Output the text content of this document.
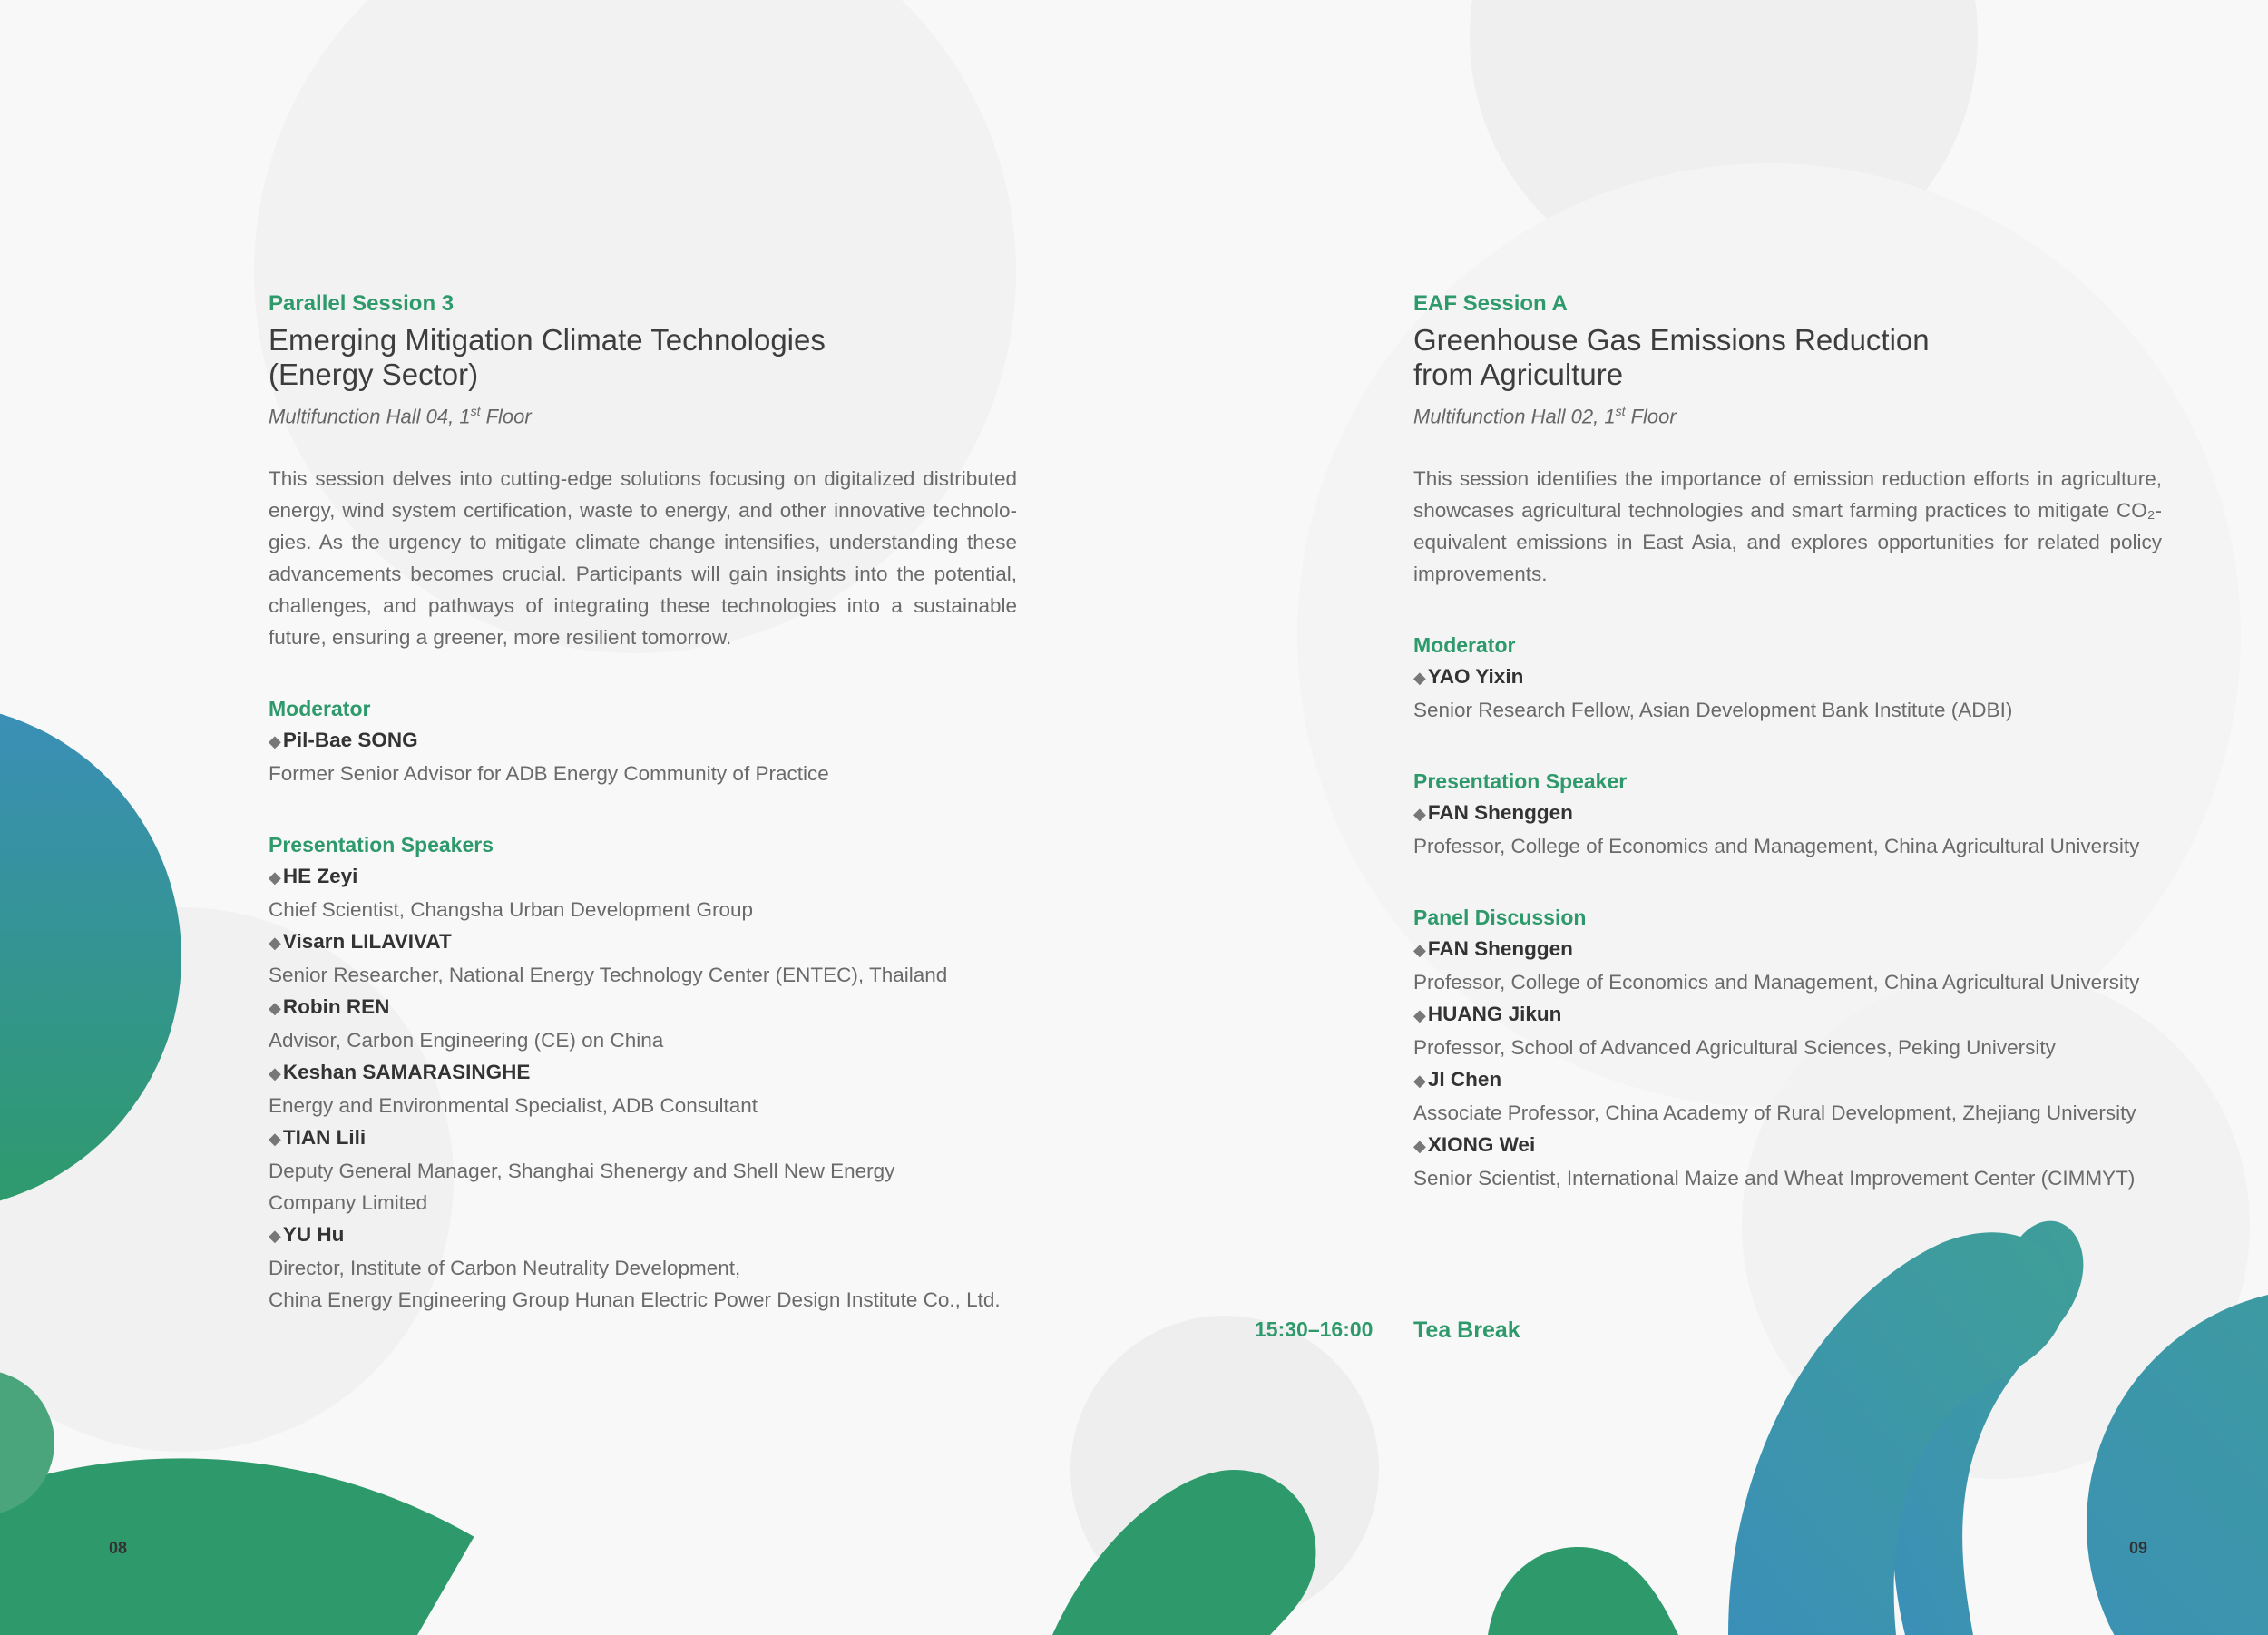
Parallel Session 3
Emerging Mitigation Climate Technologies
(Energy Sector)
Multifunction Hall 04, 1st Floor
This session delves into cutting-edge solutions focusing on digitalized distributed energy, wind system certification, waste to energy, and other innovative technolo-gies. As the urgency to mitigate climate change intensifies, understanding these advancements becomes crucial. Participants will gain insights into the potential, challenges, and pathways of integrating these technologies into a sustainable future, ensuring a greener, more resilient tomorrow.
Moderator
◆Pil-Bae SONG
Former Senior Advisor for ADB Energy Community of Practice
Presentation Speakers
◆HE Zeyi
Chief Scientist, Changsha Urban Development Group
◆Visarn LILAVIVAT
Senior Researcher, National Energy Technology Center (ENTEC), Thailand
◆Robin REN
Advisor, Carbon Engineering (CE) on China
◆Keshan SAMARASINGHE
Energy and Environmental Specialist, ADB Consultant
◆TIAN Lili
Deputy General Manager, Shanghai Shenergy and Shell New Energy
Company Limited
◆YU Hu
Director, Institute of Carbon Neutrality Development,
China Energy Engineering Group Hunan Electric Power Design Institute Co., Ltd.
EAF Session A
Greenhouse Gas Emissions Reduction
from Agriculture
Multifunction Hall 02, 1st Floor
This session identifies the importance of emission reduction efforts in agriculture, showcases agricultural technologies and smart farming practices to mitigate CO₂-equivalent emissions in East Asia, and explores opportunities for related policy improvements.
Moderator
◆YAO Yixin
Senior Research Fellow, Asian Development Bank Institute (ADBI)
Presentation Speaker
◆FAN Shenggen
Professor, College of Economics and Management, China Agricultural University
Panel Discussion
◆FAN Shenggen
Professor, College of Economics and Management, China Agricultural University
◆HUANG Jikun
Professor, School of Advanced Agricultural Sciences, Peking University
◆JI Chen
Associate Professor, China Academy of Rural Development, Zhejiang University
◆XIONG Wei
Senior Scientist, International Maize and Wheat Improvement Center (CIMMYT)
15:30–16:00 Tea Break
08	09
